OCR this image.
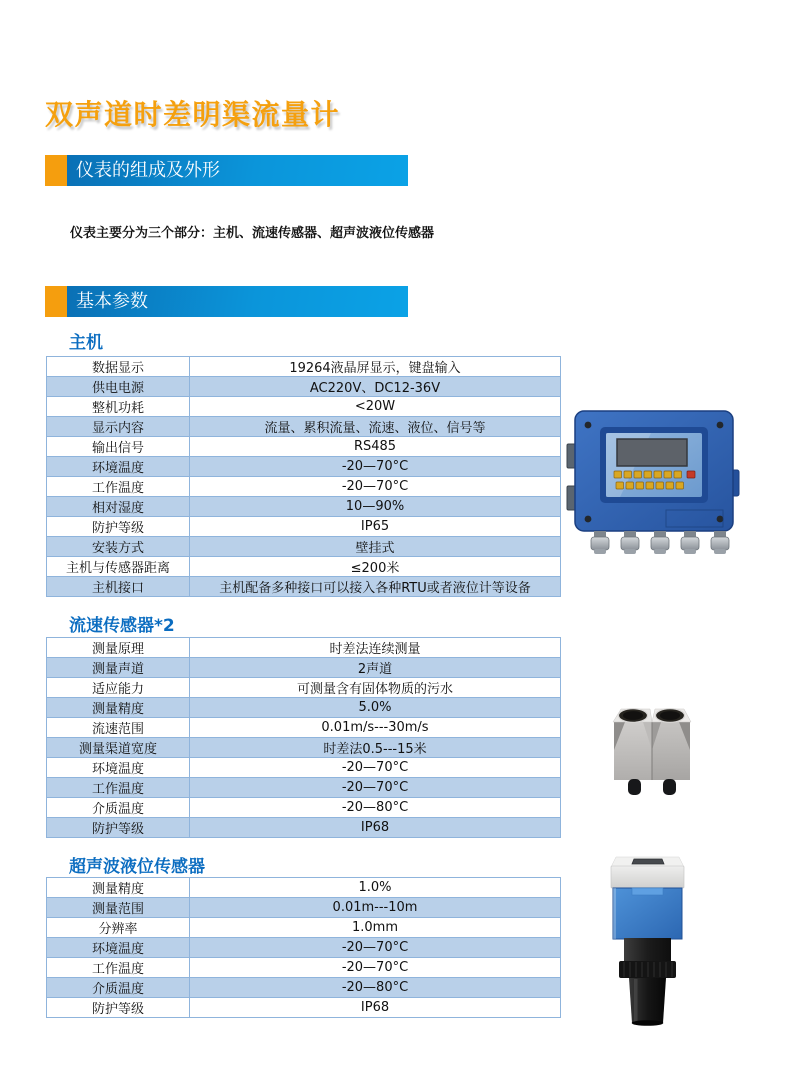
双声道时差明渠流量计
仪表的组成及外形
仪表主要分为三个部分：主机、流速传感器、超声波液位传感器
基本参数
主机
数据显示	19264液晶屏显示，键盘输入
供电电源	AC220V、DC12-36V
整机功耗	<20W
显示内容	流量、累积流量、流速、液位、信号等
输出信号	RS485
环境温度	-20—70°C
工作温度	-20—70°C
相对湿度	10—90%
防护等级	IP65
安装方式	壁挂式
主机与传感器距离	≤200米
主机接口	主机配备多种接口可以接入各种RTU或者液位计等设备
流速传感器*2
测量原理	时差法连续测量
测量声道	2声道
适应能力	可测量含有固体物质的污水
测量精度	5.0%
流速范围	0.01m/s---30m/s
测量渠道宽度	时差法0.5---15米
环境温度	-20—70°C
工作温度	-20—70°C
介质温度	-20—80°C
防护等级	IP68
超声波液位传感器
测量精度	1.0%
测量范围	0.01m---10m
分辨率	1.0mm
环境温度	-20—70°C
工作温度	-20—70°C
介质温度	-20—80°C
防护等级	IP68
